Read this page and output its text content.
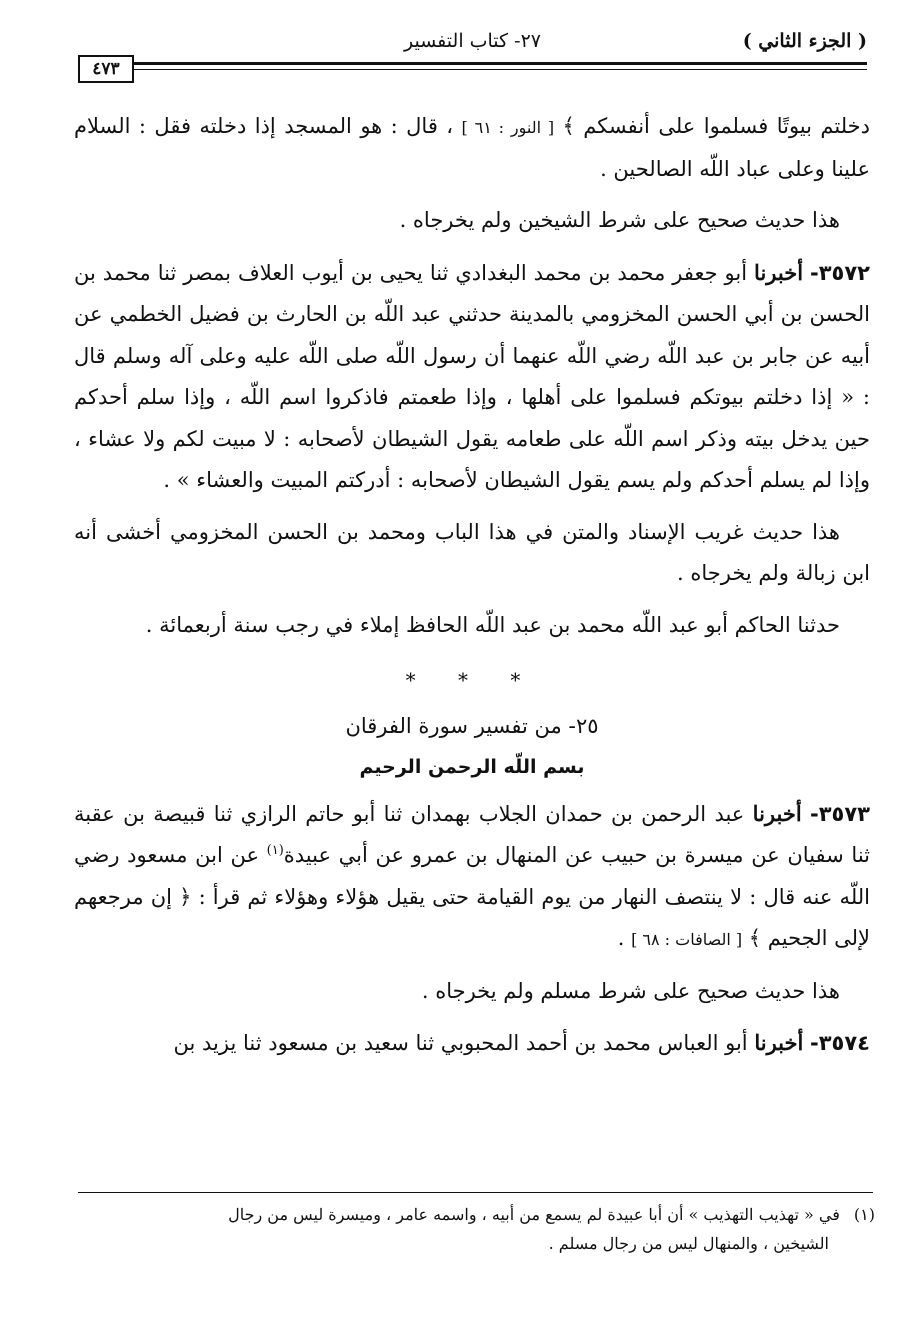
( الجزء الثاني )
٢٧- كتاب التفسير
٤٧٣

دخلتم بيوتًا فسلموا على أنفسكم ﴾ [ النور : ٦١ ] ، قال : هو المسجد إذا دخلته فقل : السلام علينا وعلى عباد اللّه الصالحين .

هذا حديث صحيح على شرط الشيخين ولم يخرجاه .

٣٥٧٢- أخبرنا أبو جعفر محمد بن محمد البغدادي ثنا يحيى بن أيوب العلاف بمصر ثنا محمد بن الحسن بن أبي الحسن المخزومي بالمدينة حدثني عبد اللّه بن الحارث بن فضيل الخطمي عن أبيه عن جابر بن عبد اللّه رضي اللّه عنهما أن رسول اللّه صلى اللّه عليه وعلى آله وسلم قال : « إذا دخلتم بيوتكم فسلموا على أهلها ، وإذا طعمتم فاذكروا اسم اللّه ، وإذا سلم أحدكم حين يدخل بيته وذكر اسم اللّه على طعامه يقول الشيطان لأصحابه : لا مبيت لكم ولا عشاء ، وإذا لم يسلم أحدكم ولم يسم يقول الشيطان لأصحابه : أدركتم المبيت والعشاء » .

هذا حديث غريب الإسناد والمتن في هذا الباب ومحمد بن الحسن المخزومي أخشى أنه ابن زبالة ولم يخرجاه .

حدثنا الحاكم أبو عبد اللّه محمد بن عبد اللّه الحافظ إملاء في رجب سنة أربعمائة .

* * *

٢٥- من تفسير سورة الفرقان

بسم اللّه الرحمن الرحيم

٣٥٧٣- أخبرنا عبد الرحمن بن حمدان الجلاب بهمدان ثنا أبو حاتم الرازي ثنا قبيصة بن عقبة ثنا سفيان عن ميسرة بن حبيب عن المنهال بن عمرو عن أبي عبيدة$^{(١)}$ عن ابن مسعود رضي اللّه عنه قال : لا ينتصف النهار من يوم القيامة حتى يقيل هؤلاء وهؤلاء ثم قرأ : ﴿ إن مرجعهم لإلى الجحيم ﴾ [ الصافات : ٦٨ ] .

هذا حديث صحيح على شرط مسلم ولم يخرجاه .

٣٥٧٤- أخبرنا أبو العباس محمد بن أحمد المحبوبي ثنا سعيد بن مسعود ثنا يزيد بن

(١)في « تهذيب التهذيب » أن أبا عبيدة لم يسمع من أبيه ، واسمه عامر ، وميسرة ليس من رجال

الشيخين ، والمنهال ليس من رجال مسلم .
